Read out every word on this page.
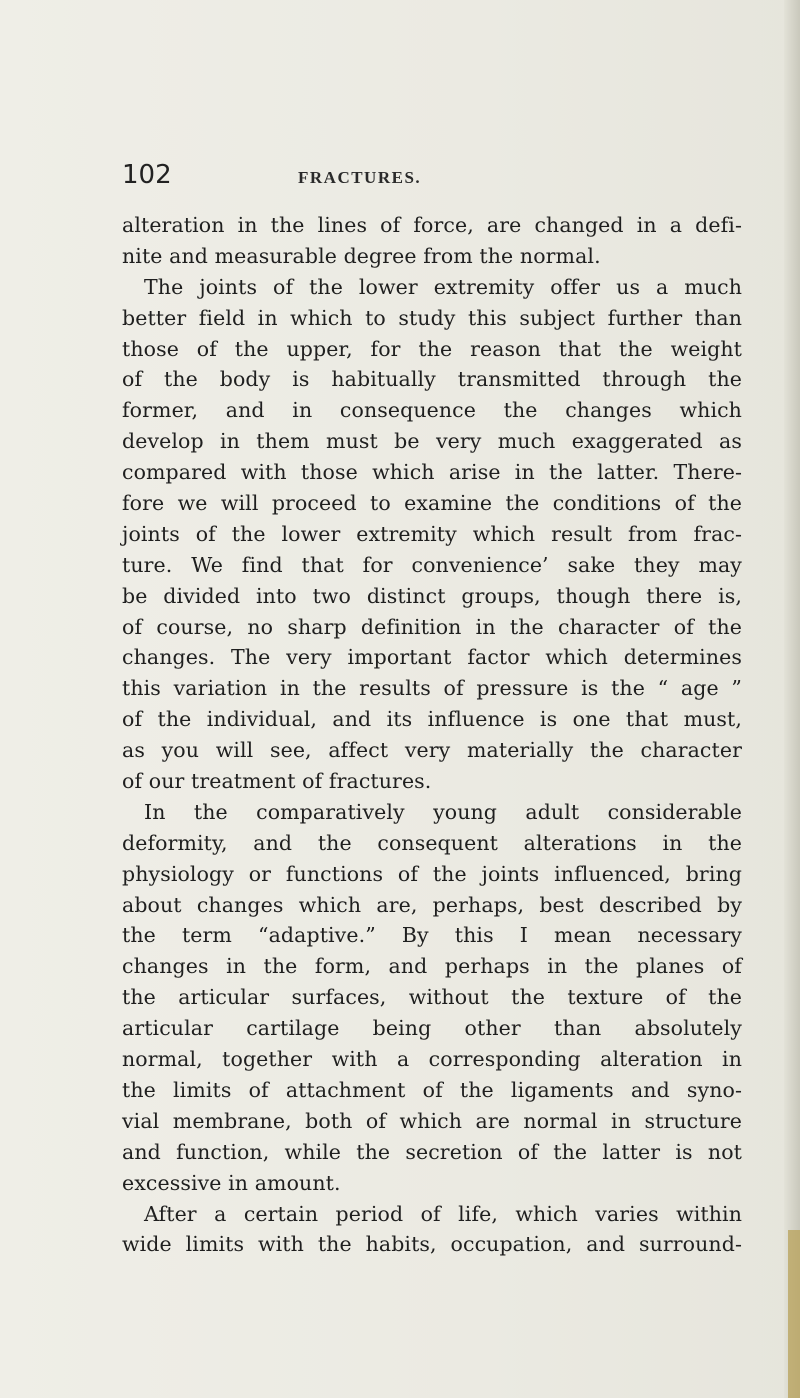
102	FRACTURES.
alteration in the lines of force, are changed in a defi-
nite and measurable degree from the normal.
The joints of the lower extremity offer us a much
better field in which to study this subject further than
those of the upper, for the reason that the weight
of the body is habitually transmitted through the
former, and in consequence the changes which
develop in them must be very much exaggerated as
compared with those which arise in the latter. There-
fore we will proceed to examine the conditions of the
joints of the lower extremity which result from frac-
ture. We find that for convenience’ sake they may
be divided into two distinct groups, though there is,
of course, no sharp definition in the character of the
changes. The very important factor which determines
this variation in the results of pressure is the “ age ”
of the individual, and its influence is one that must,
as you will see, affect very materially the character
of our treatment of fractures.
In the comparatively young adult considerable
deformity, and the consequent alterations in the
physiology or functions of the joints influenced, bring
about changes which are, perhaps, best described by
the term “adaptive.” By this I mean necessary
changes in the form, and perhaps in the planes of
the articular surfaces, without the texture of the
articular cartilage being other than absolutely
normal, together with a corresponding alteration in
the limits of attachment of the ligaments and syno-
vial membrane, both of which are normal in structure
and function, while the secretion of the latter is not
excessive in amount.
After a certain period of life, which varies within
wide limits with the habits, occupation, and surround-
